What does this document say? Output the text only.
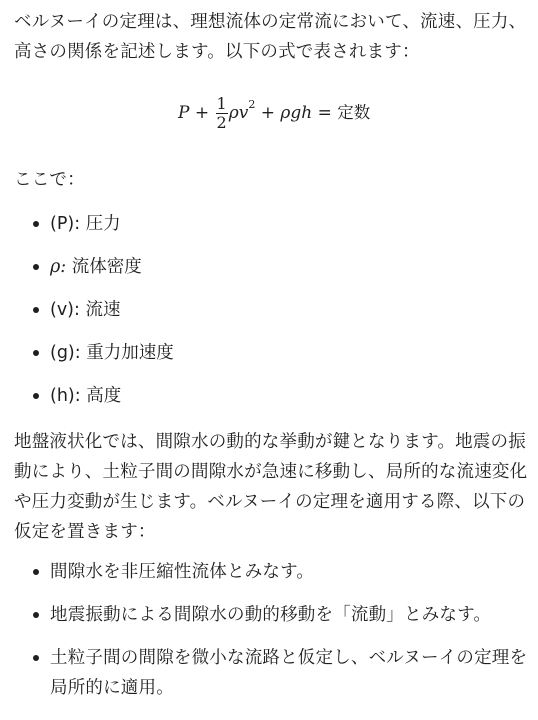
ベルヌーイの定理は、理想流体の定常流において、流速、圧力、高さの関係を記述します。以下の式で表されます：

$P + \frac{1}{2} \rho v^2 + \rho gh$ = 定数

ここで：

(P): 圧力
ρ: 流体密度
(v): 流速
(g): 重力加速度
(h): 高度

地盤液状化では、間隙水の動的な挙動が鍵となります。地震の振動により、土粒子間の間隙水が急速に移動し、局所的な流速変化や圧力変動が生じます。ベルヌーイの定理を適用する際、以下の仮定を置きます：

間隙水を非圧縮性流体とみなす。
地震振動による間隙水の動的移動を「流動」とみなす。
土粒子間の間隙を微小な流路と仮定し、ベルヌーイの定理を局所的に適用。
